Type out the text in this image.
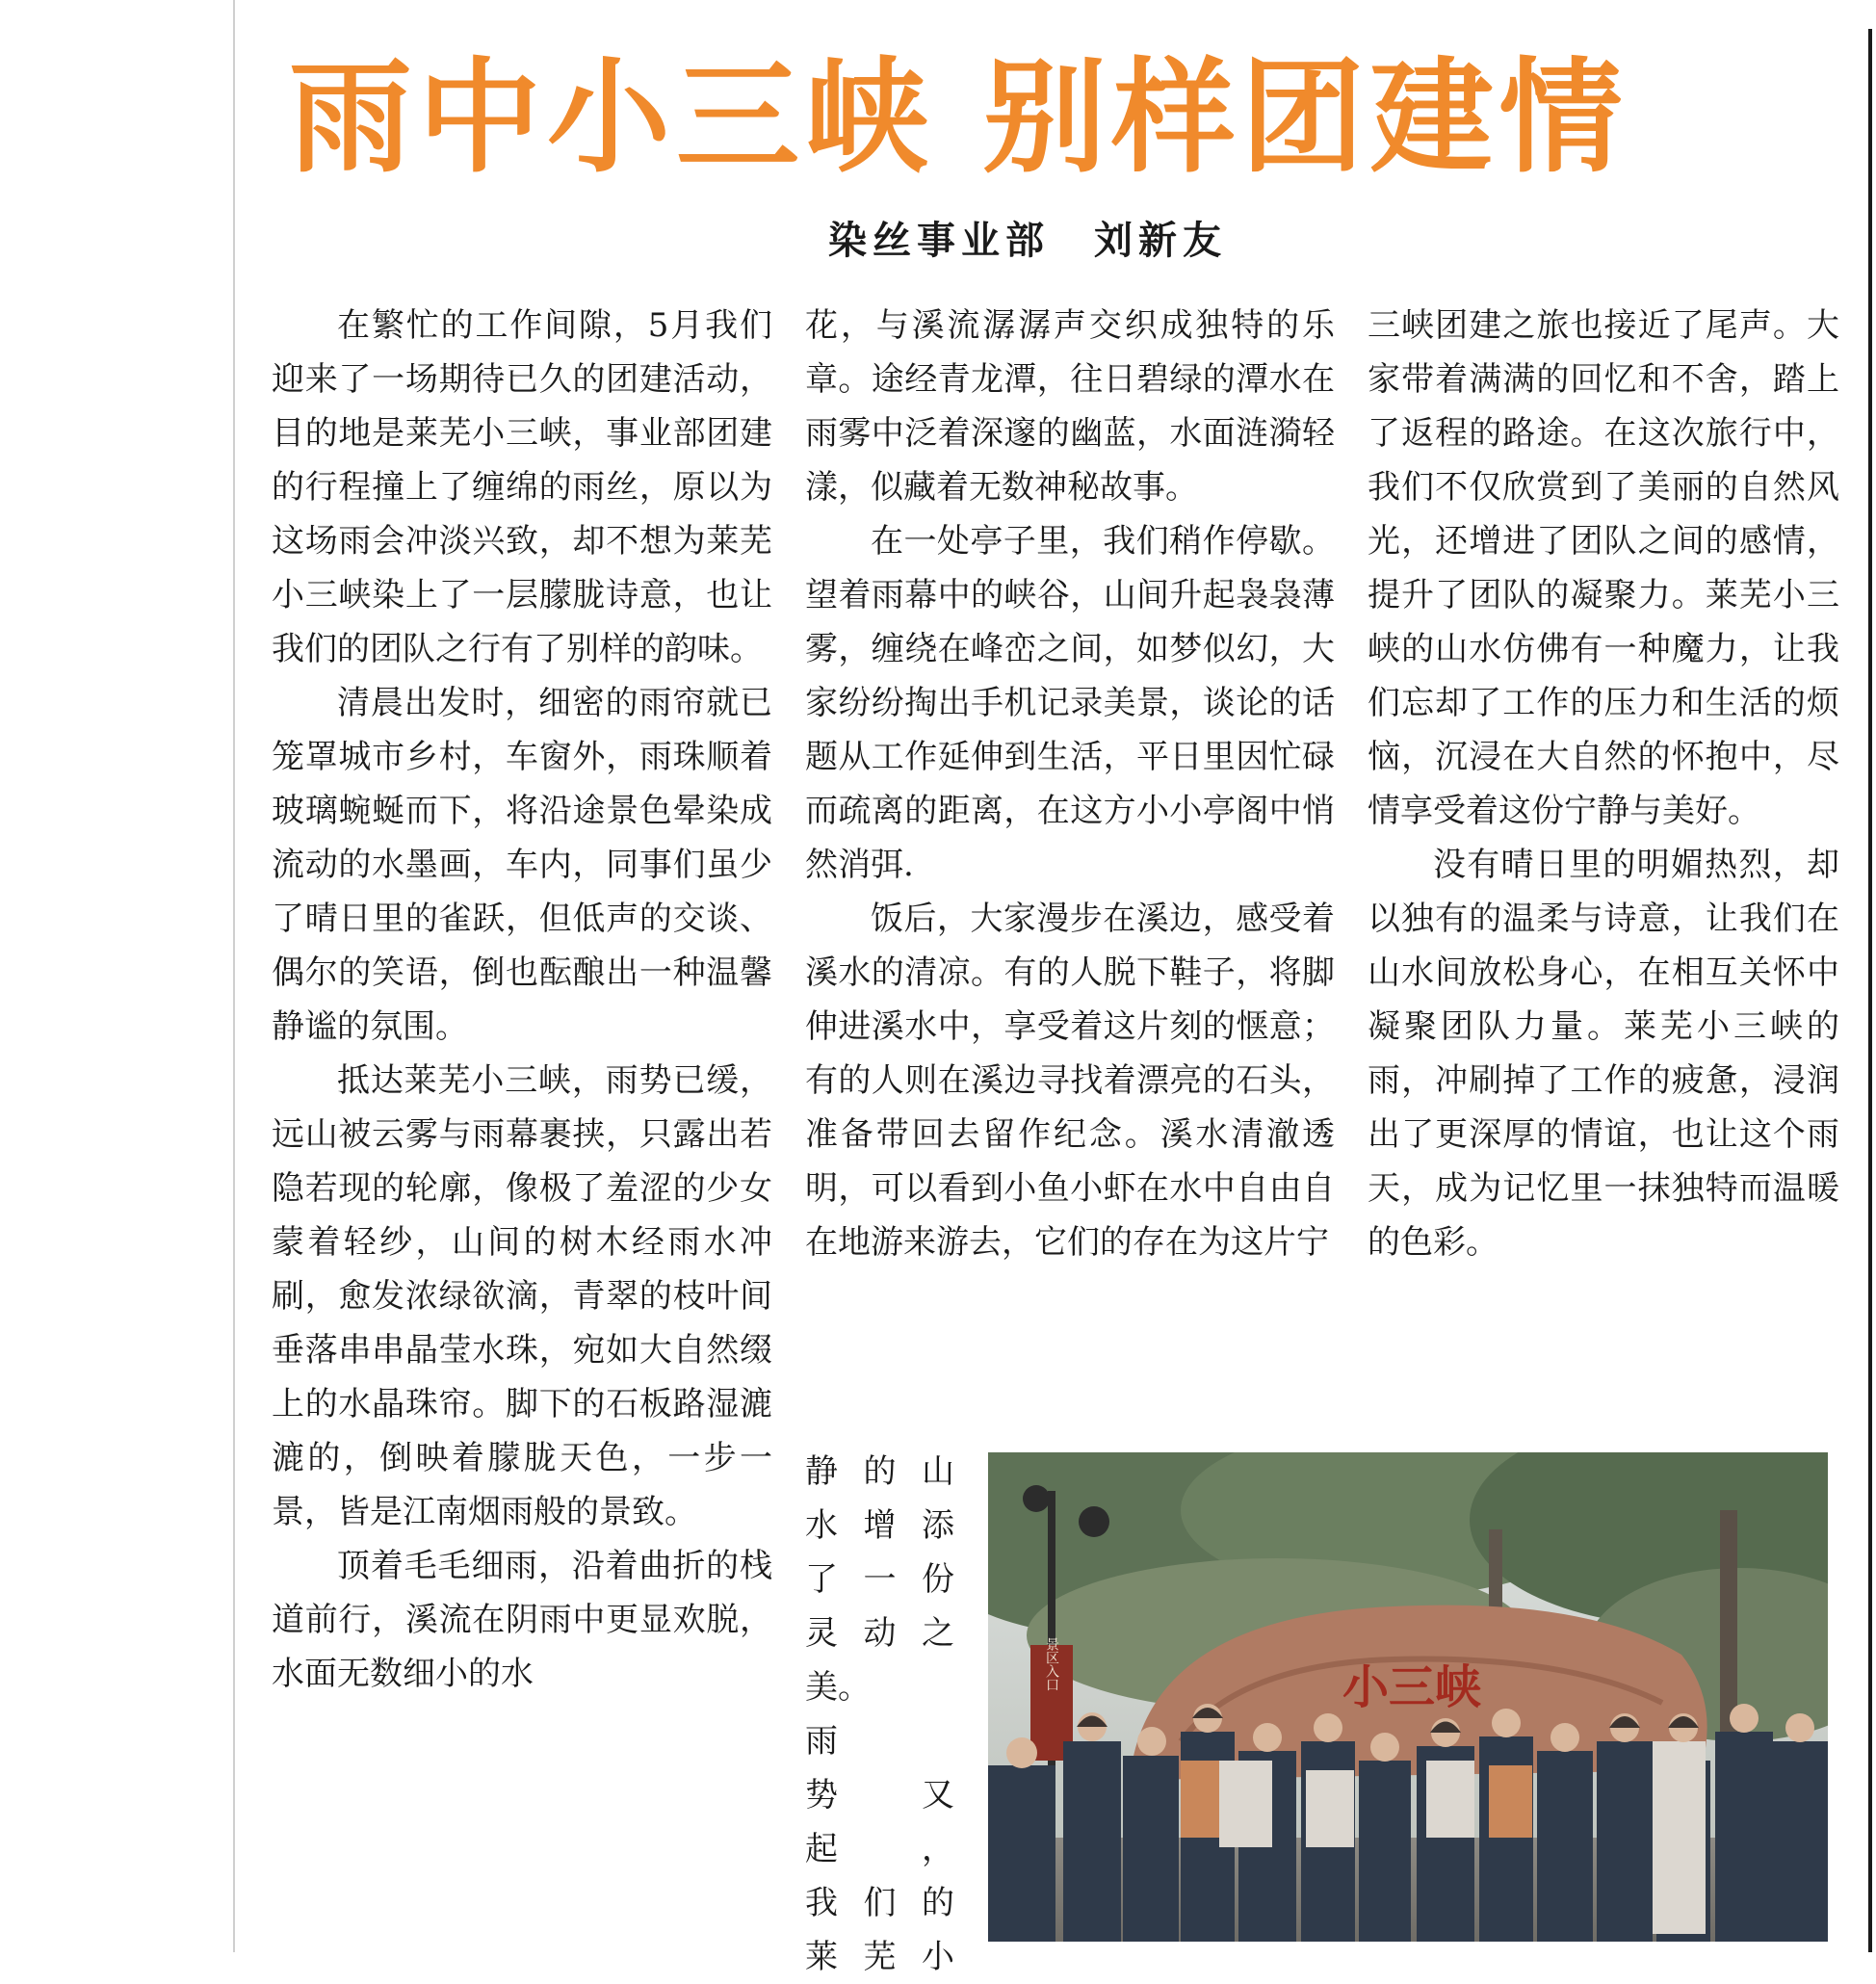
雨中小三峡 别样团建情
染丝事业部　刘新友

在繁忙的工作间隙，5月我们迎来了一场期待已久的团建活动，目的地是莱芜小三峡，事业部团建的行程撞上了缠绵的雨丝，原以为这场雨会冲淡兴致，却不想为莱芜小三峡染上了一层朦胧诗意，也让我们的团队之行有了别样的韵味。

清晨出发时，细密的雨帘就已笼罩城市乡村，车窗外，雨珠顺着玻璃蜿蜒而下，将沿途景色晕染成流动的水墨画，车内，同事们虽少了晴日里的雀跃，但低声的交谈、偶尔的笑语，倒也酝酿出一种温馨静谧的氛围。

抵达莱芜小三峡，雨势已缓，远山被云雾与雨幕裹挟，只露出若隐若现的轮廓，像极了羞涩的少女蒙着轻纱，山间的树木经雨水冲刷，愈发浓绿欲滴，青翠的枝叶间垂落串串晶莹水珠，宛如大自然缀上的水晶珠帘。脚下的石板路湿漉漉的，倒映着朦胧天色，一步一景，皆是江南烟雨般的景致。

顶着毛毛细雨，沿着曲折的栈道前行，溪流在阴雨中更显欢脱，水面无数细小的水

花，与溪流潺潺声交织成独特的乐章。途经青龙潭，往日碧绿的潭水在雨雾中泛着深邃的幽蓝，水面涟漪轻漾，似藏着无数神秘故事。

在一处亭子里，我们稍作停歇。望着雨幕中的峡谷，山间升起袅袅薄雾，缠绕在峰峦之间，如梦似幻，大家纷纷掏出手机记录美景，谈论的话题从工作延伸到生活，平日里因忙碌而疏离的距离，在这方小小亭阁中悄然消弭.

饭后，大家漫步在溪边，感受着溪水的清凉。有的人脱下鞋子，将脚伸进溪水中，享受着这片刻的惬意；有的人则在溪边寻找着漂亮的石头，准备带回去留作纪念。溪水清澈透明，可以看到小鱼小虾在水中自由自在地游来游去，它们的存在为这片宁

静 的 山

水 增 添

了 一 份

灵 动 之

美。

雨

势 又 起，

我 们 的

莱 芜 小

三峡团建之旅也接近了尾声。大家带着满满的回忆和不舍，踏上了返程的路途。在这次旅行中，我们不仅欣赏到了美丽的自然风光，还增进了团队之间的感情，提升了团队的凝聚力。莱芜小三峡的山水仿佛有一种魔力，让我们忘却了工作的压力和生活的烦恼，沉浸在大自然的怀抱中，尽情享受着这份宁静与美好。

没有晴日里的明媚热烈，却以独有的温柔与诗意，让我们在山水间放松身心，在相互关怀中凝聚团队力量。莱芜小三峡的雨，冲刷掉了工作的疲惫，浸润出了更深厚的情谊，也让这个雨天，成为记忆里一抹独特而温暖的色彩。

景区入口	小三峡
